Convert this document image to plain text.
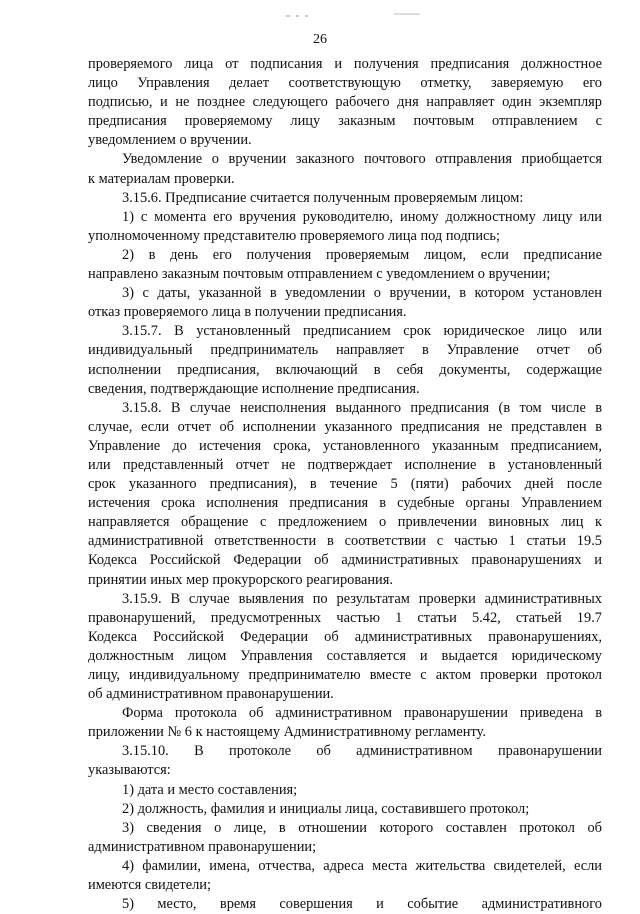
26
проверяемого лица от подписания и получения предписания должностное
лицо Управления делает соответствующую отметку, заверяемую его
подписью, и не позднее следующего рабочего дня направляет один экземпляр
предписания проверяемому лицу заказным почтовым отправлением с
уведомлением о вручении.
Уведомление о вручении заказного почтового отправления приобщается
к материалам проверки.
3.15.6. Предписание считается полученным проверяемым лицом:
1) с момента его вручения руководителю, иному должностному лицу или
уполномоченному представителю проверяемого лица под подпись;
2) в день его получения проверяемым лицом, если предписание
направлено заказным почтовым отправлением с уведомлением о вручении;
3) с даты, указанной в уведомлении о вручении, в котором установлен
отказ проверяемого лица в получении предписания.
3.15.7. В установленный предписанием срок юридическое лицо или
индивидуальный предприниматель направляет в Управление отчет об
исполнении предписания, включающий в себя документы, содержащие
сведения, подтверждающие исполнение предписания.
3.15.8. В случае неисполнения выданного предписания (в том числе в
случае, если отчет об исполнении указанного предписания не представлен в
Управление до истечения срока, установленного указанным предписанием,
или представленный отчет не подтверждает исполнение в установленный
срок указанного предписания), в течение 5 (пяти) рабочих дней после
истечения срока исполнения предписания в судебные органы Управлением
направляется обращение с предложением о привлечении виновных лиц к
административной ответственности в соответствии с частью 1 статьи 19.5
Кодекса Российской Федерации об административных правонарушениях и
принятии иных мер прокурорского реагирования.
3.15.9. В случае выявления по результатам проверки административных
правонарушений, предусмотренных частью 1 статьи 5.42, статьей 19.7
Кодекса Российской Федерации об административных правонарушениях,
должностным лицом Управления составляется и выдается юридическому
лицу, индивидуальному предпринимателю вместе с актом проверки протокол
об административном правонарушении.
Форма протокола об административном правонарушении приведена в
приложении № 6 к настоящему Административному регламенту.
3.15.10. В протоколе об административном правонарушении
указываются:
1) дата и место составления;
2) должность, фамилия и инициалы лица, составившего протокол;
3) сведения о лице, в отношении которого составлен протокол об
административном правонарушении;
4) фамилии, имена, отчества, адреса места жительства свидетелей, если
имеются свидетели;
5) место, время совершения и событие административного
